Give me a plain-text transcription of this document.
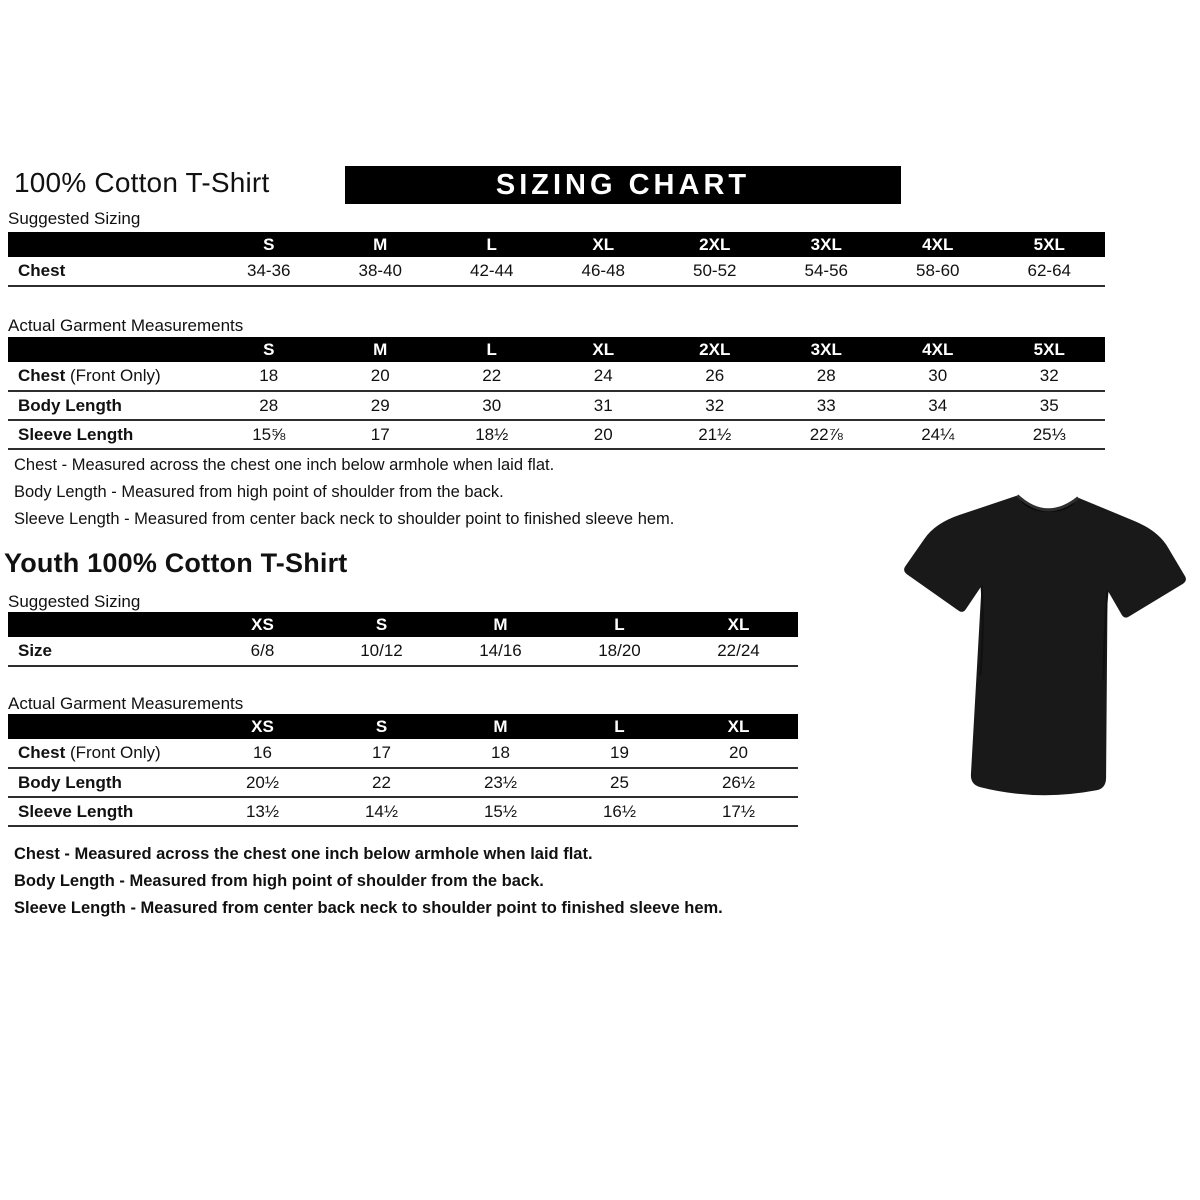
100% Cotton T-Shirt	SIZING CHART
Suggested Sizing
	S	M	L	XL	2XL	3XL	4XL	5XL
Chest	34-36	38-40	42-44	46-48	50-52	54-56	58-60	62-64
Actual Garment Measurements
	S	M	L	XL	2XL	3XL	4XL	5XL
Chest (Front Only)	18	20	22	24	26	28	30	32
Body Length	28	29	30	31	32	33	34	35
Sleeve Length	15⅝	17	18½	20	21½	22⅞	24¼	25⅓
Chest - Measured across the chest one inch below armhole when laid flat.
Body Length - Measured from high point of shoulder from the back.
Sleeve Length - Measured from center back neck to shoulder point to finished sleeve hem.
Youth 100% Cotton T-Shirt
Suggested Sizing
	XS	S	M	L	XL
Size	6/8	10/12	14/16	18/20	22/24
Actual Garment Measurements
	XS	S	M	L	XL
Chest (Front Only)	16	17	18	19	20
Body Length	20½	22	23½	25	26½
Sleeve Length	13½	14½	15½	16½	17½
Chest - Measured across the chest one inch below armhole when laid flat.
Body Length - Measured from high point of shoulder from the back.
Sleeve Length - Measured from center back neck to shoulder point to finished sleeve hem.
